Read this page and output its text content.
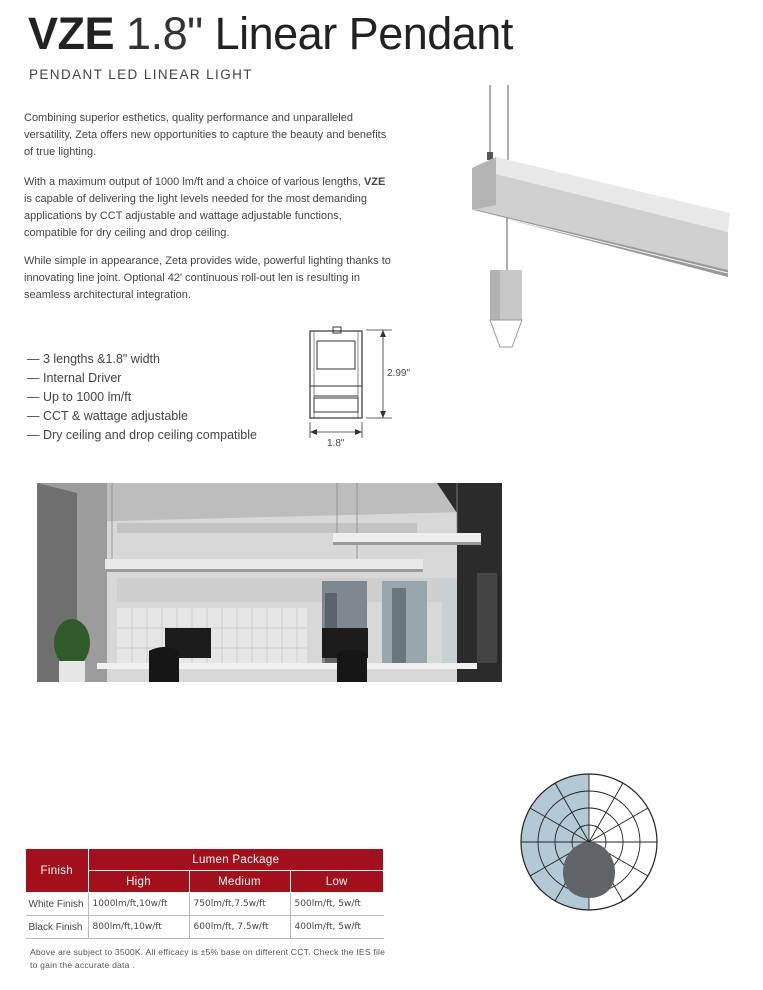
VZE 1.8" Linear Pendant
PENDANT LED LINEAR LIGHT

Combining superior esthetics, quality performance and unparalleled versatility, Zeta offers new opportunities to capture the beauty and benefits of true lighting.

With a maximum output of 1000 lm/ft and a choice of various lengths, VZE is capable of delivering the light levels needed for the most demanding applications by CCT adjustable and wattage adjustable functions, compatible for dry ceiling and drop ceiling.

While simple in appearance, Zeta provides wide, powerful lighting thanks to innovating line joint. Optional 42' continuous roll-out len is resulting in seamless architectural integration.

— 3 lengths &1.8" width
— Internal Driver
— Up to 1000 lm/ft
— CCT & wattage adjustable
— Dry ceiling and drop ceiling compatible
2.99"
1.8"
Finish	Lumen Package		
	High	Medium	Low
White Finish	1000lm/ft,10w/ft	750lm/ft,7.5w/ft	500lm/ft, 5w/ft
Black Finish	800lm/ft,10w/ft	600lm/ft, 7.5w/ft	400lm/ft, 5w/ft

Above are subject to 3500K. All efficacy is ±5% base on different CCT. Check the IES file to gain the accurate data .
